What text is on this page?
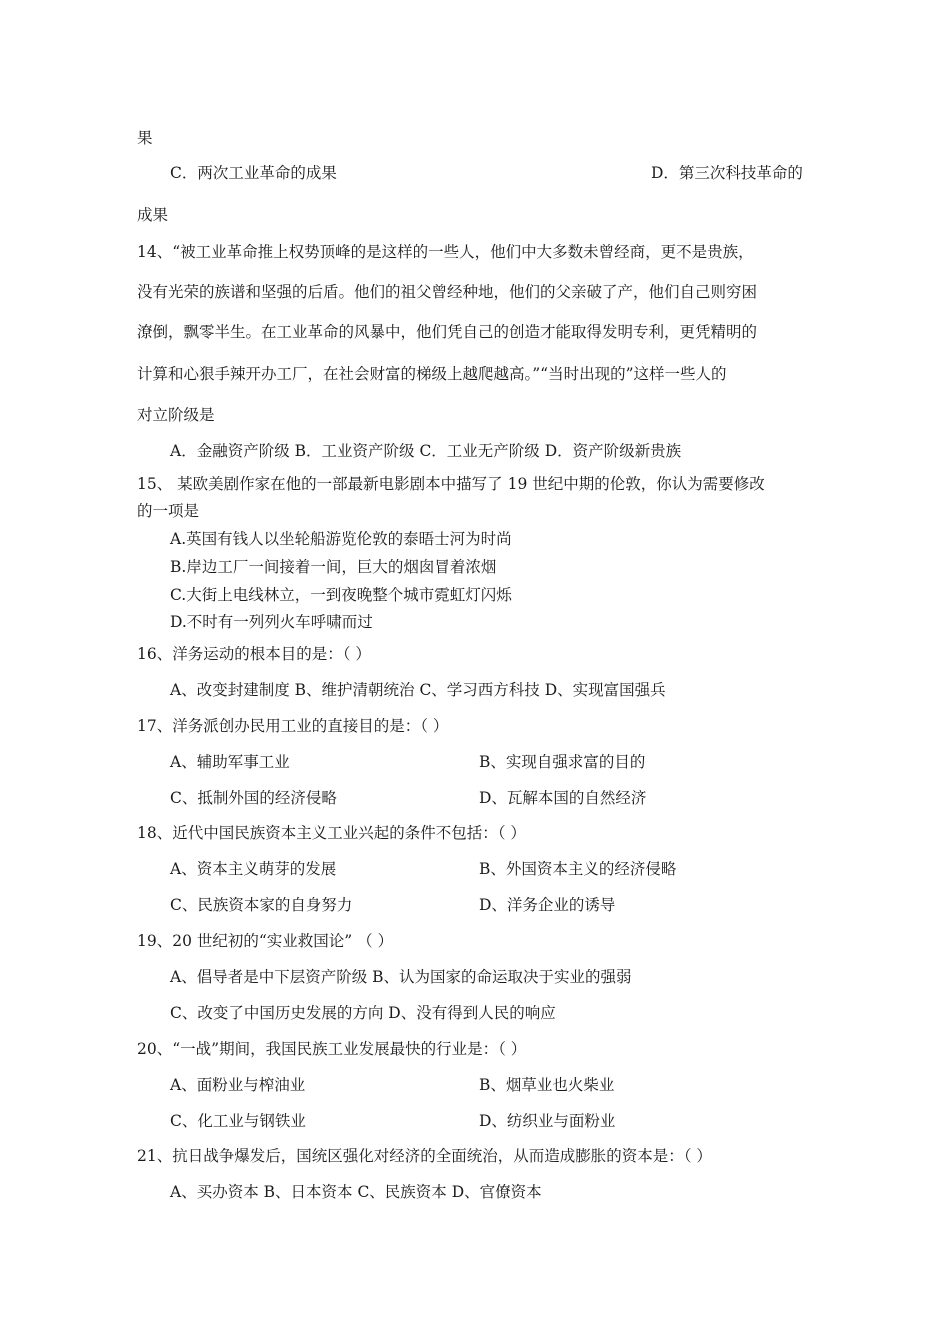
果
C．两次工业革命的成果	D．第三次科技革命的
成果
14、“被工业革命推上权势顶峰的是这样的一些人，他们中大多数未曾经商，更不是贵族，
没有光荣的族谱和坚强的后盾。他们的祖父曾经种地，他们的父亲破了产，他们自己则穷困
潦倒，飘零半生。在工业革命的风暴中，他们凭自己的创造才能取得发明专利，更凭精明的
计算和心狠手辣开办工厂，在社会财富的梯级上越爬越高。”“当时出现的”这样一些人的
对立阶级是
A．金融资产阶级 B．工业资产阶级 C．工业无产阶级 D．资产阶级新贵族
15、 某欧美剧作家在他的一部最新电影剧本中描写了 19 世纪中期的伦敦，你认为需要修改
的一项是
A.英国有钱人以坐轮船游览伦敦的泰晤士河为时尚
B.岸边工厂一间接着一间，巨大的烟囱冒着浓烟
C.大街上电线林立，一到夜晚整个城市霓虹灯闪烁
D.不时有一列列火车呼啸而过
16、洋务运动的根本目的是：（ ）
A、改变封建制度 B、维护清朝统治 C、学习西方科技 D、实现富国强兵
17、洋务派创办民用工业的直接目的是：（ ）
A、辅助军事工业	B、实现自强求富的目的
C、抵制外国的经济侵略	D、瓦解本国的自然经济
18、近代中国民族资本主义工业兴起的条件不包括：（ ）
A、资本主义萌芽的发展	B、外国资本主义的经济侵略
C、民族资本家的自身努力	D、洋务企业的诱导
19、20 世纪初的“实业救国论” （ ）
A、倡导者是中下层资产阶级 B、认为国家的命运取决于实业的强弱
C、改变了中国历史发展的方向 D、没有得到人民的响应
20、“一战”期间，我国民族工业发展最快的行业是：（ ）
A、面粉业与榨油业	B、烟草业也火柴业
C、化工业与钢铁业	D、纺织业与面粉业
21、抗日战争爆发后，国统区强化对经济的全面统治，从而造成膨胀的资本是：（ ）
A、买办资本 B、日本资本 C、民族资本 D、官僚资本
